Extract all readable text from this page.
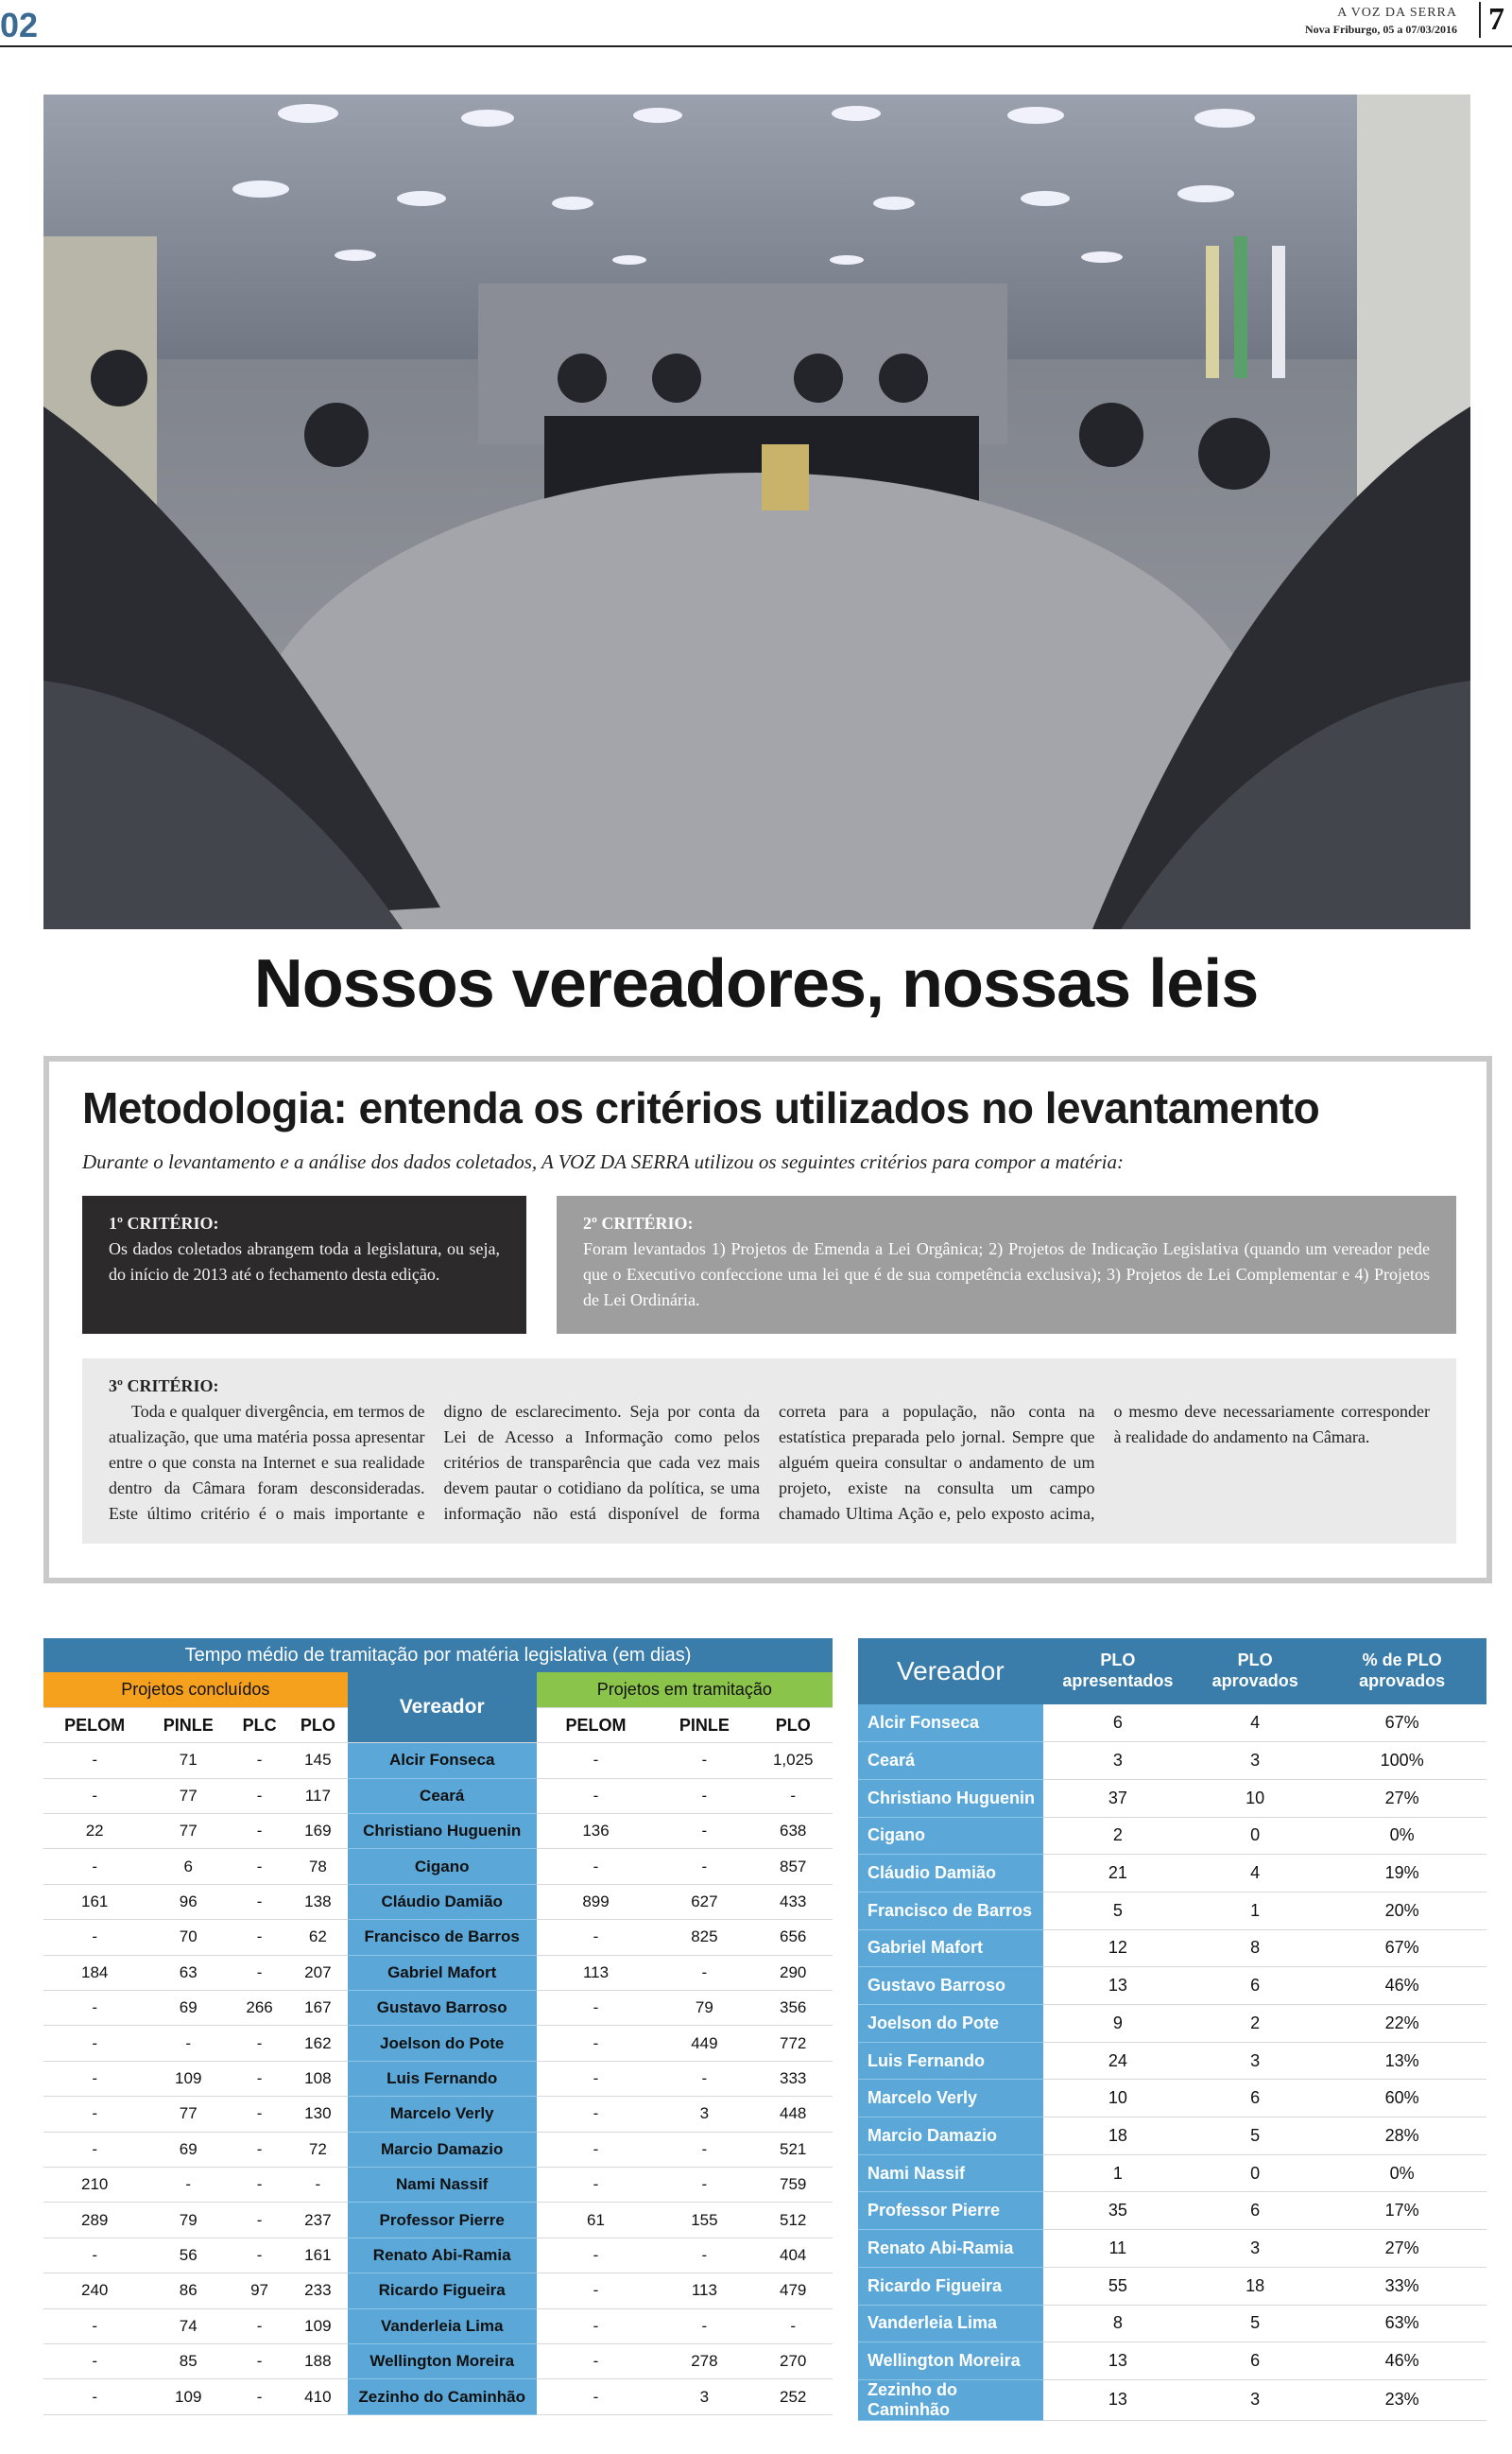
02	A VOZ DA SERRA
Nova Friburgo, 05 a 07/03/2016 7
Nossos vereadores, nossas leis
Metodologia: entenda os critérios utilizados no levantamento
Durante o levantamento e a análise dos dados coletados, A VOZ DA SERRA utilizou os seguintes critérios para compor a matéria:
1º CRITÉRIO:
Os dados coletados abrangem toda a legislatura, ou seja, do início de 2013 até o fechamento desta edição.
2º CRITÉRIO:
Foram levantados 1) Projetos de Emenda a Lei Orgânica; 2) Projetos de Indicação Legislativa (quando um vereador pede que o Executivo confeccione uma lei que é de sua competência exclusiva); 3) Projetos de Lei Complementar e 4) Projetos de Lei Ordinária.
3º CRITÉRIO:
Toda e qualquer divergência, em termos de atualização, que uma matéria possa apresentar entre o que consta na Internet e sua realidade dentro da Câmara foram desconsideradas. Este último critério é o mais importante e digno de esclarecimento. Seja por conta da Lei de Acesso a Informação como pelos critérios de transparência que cada vez mais devem pautar o cotidiano da política, se uma informação não está disponível de forma correta para a população, não conta na estatística preparada pelo jornal. Sempre que alguém queira consultar o andamento de um projeto, existe na consulta um campo chamado Ultima Ação e, pelo exposto acima, o mesmo deve necessariamente corresponder à realidade do andamento na Câmara.
Tempo médio de tramitação por matéria legislativa (em dias)							
Projetos concluídos				Vereador	Projetos em tramitação		
PELOM	PINLE	PLC	PLO		PELOM	PINLE	PLO
-	71	-	145	Alcir Fonseca	-	-	1,025
-	77	-	117	Ceará	-	-	-
22	77	-	169	Christiano Huguenin	136	-	638
-	6	-	78	Cigano	-	-	857
161	96	-	138	Cláudio Damião	899	627	433
-	70	-	62	Francisco de Barros	-	825	656
184	63	-	207	Gabriel Mafort	113	-	290
-	69	266	167	Gustavo Barroso	-	79	356
-	-	-	162	Joelson do Pote	-	449	772
-	109	-	108	Luis Fernando	-	-	333
-	77	-	130	Marcelo Verly	-	3	448
-	69	-	72	Marcio Damazio	-	-	521
210	-	-	-	Nami Nassif	-	-	759
289	79	-	237	Professor Pierre	61	155	512
-	56	-	161	Renato Abi-Ramia	-	-	404
240	86	97	233	Ricardo Figueira	-	113	479
-	74	-	109	Vanderleia Lima	-	-	-
-	85	-	188	Wellington Moreira	-	278	270
-	109	-	410	Zezinho do Caminhão	-	3	252
Vereador	PLO apresentados	PLO aprovados	% de PLO aprovados
Alcir Fonseca	6	4	67%
Ceará	3	3	100%
Christiano Huguenin	37	10	27%
Cigano	2	0	0%
Cláudio Damião	21	4	19%
Francisco de Barros	5	1	20%
Gabriel Mafort	12	8	67%
Gustavo Barroso	13	6	46%
Joelson do Pote	9	2	22%
Luis Fernando	24	3	13%
Marcelo Verly	10	6	60%
Marcio Damazio	18	5	28%
Nami Nassif	1	0	0%
Professor Pierre	35	6	17%
Renato Abi-Ramia	11	3	27%
Ricardo Figueira	55	18	33%
Vanderleia Lima	8	5	63%
Wellington Moreira	13	6	46%
Zezinho do Caminhão	13	3	23%
